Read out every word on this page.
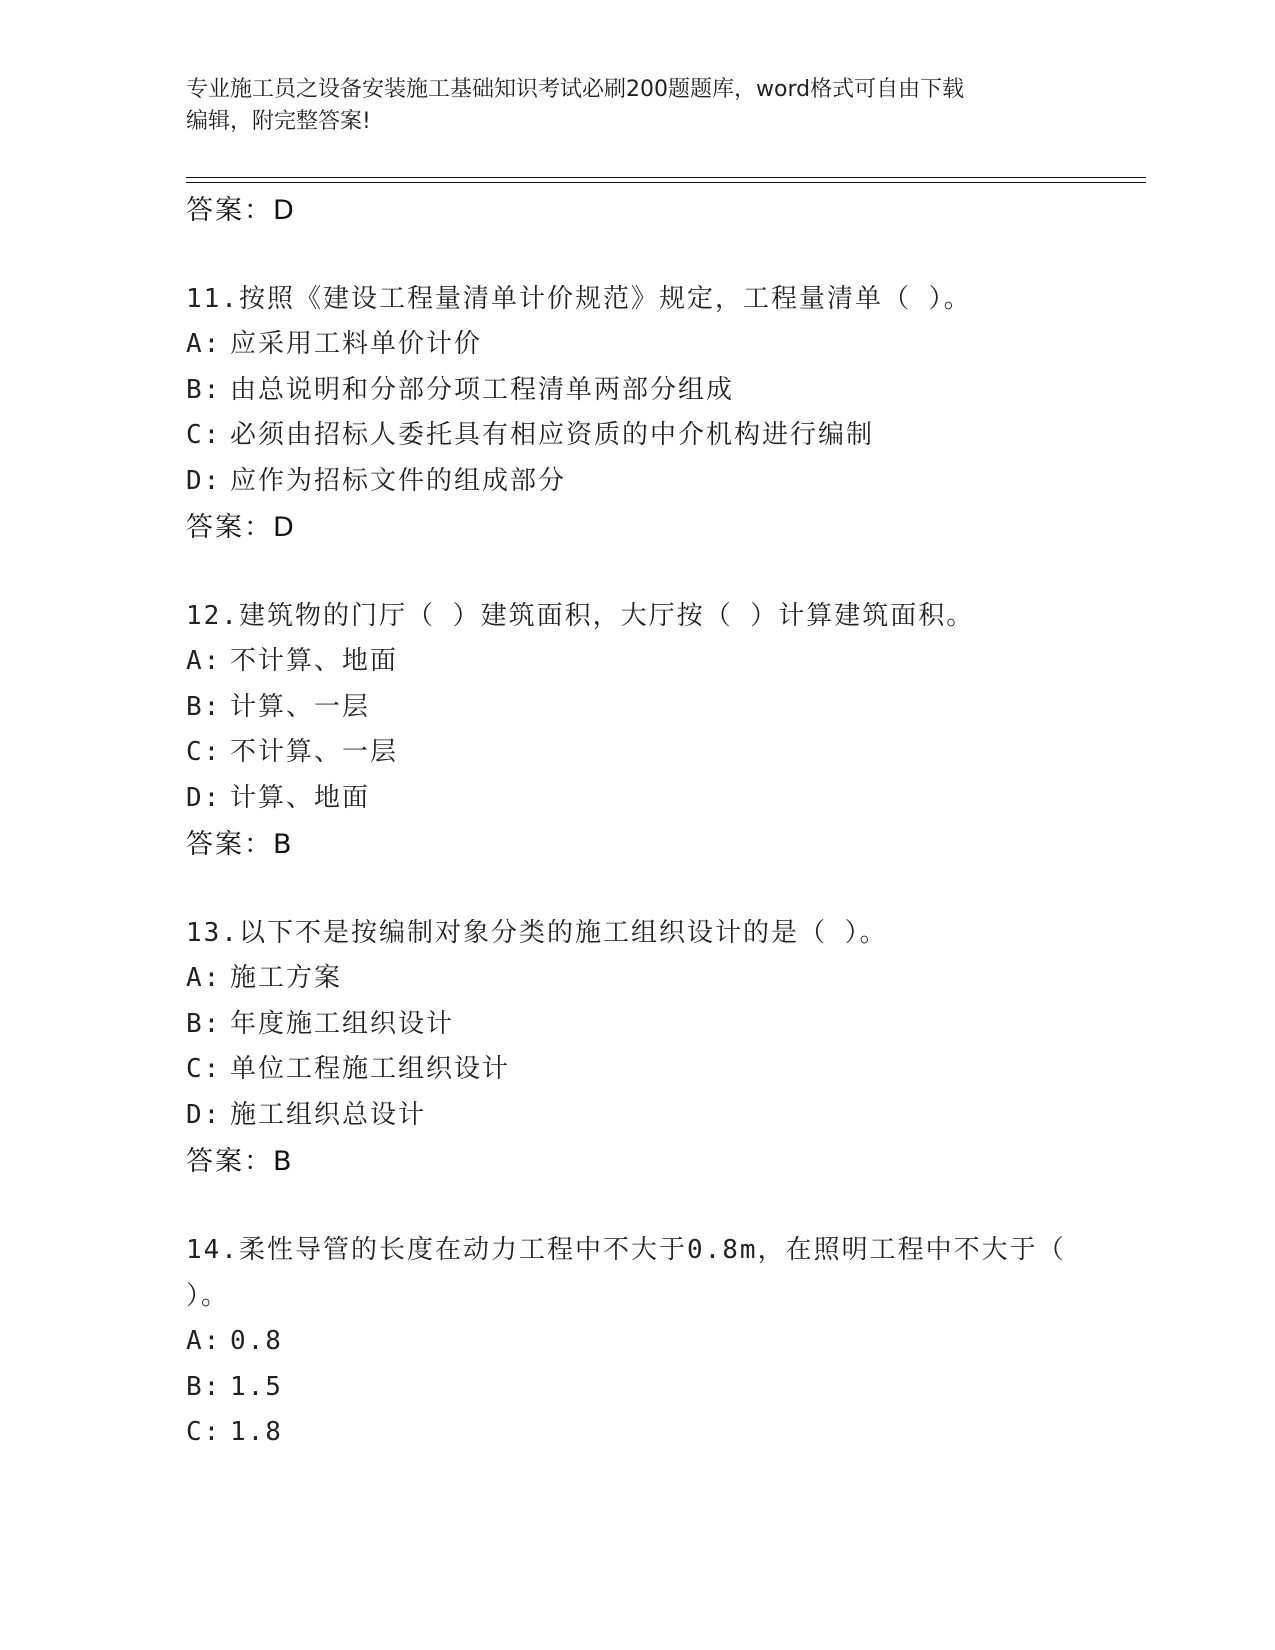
专业施工员之设备安装施工基础知识考试必刷200题题库，word格式可自由下载
编辑，附完整答案!
答案：D
11.按照《建设工程量清单计价规范》规定，工程量清单（ ）。
A: 应采用工料单价计价
B: 由总说明和分部分项工程清单两部分组成
C: 必须由招标人委托具有相应资质的中介机构进行编制
D: 应作为招标文件的组成部分
答案：D
12.建筑物的门厅（ ）建筑面积，大厅按（ ）计算建筑面积。
A: 不计算、地面
B: 计算、一层
C: 不计算、一层
D: 计算、地面
答案：B
13.以下不是按编制对象分类的施工组织设计的是（ ）。
A: 施工方案
B: 年度施工组织设计
C: 单位工程施工组织设计
D: 施工组织总设计
答案：B
14.柔性导管的长度在动力工程中不大于0.8m，在照明工程中不大于（ ）。
A: 0.8
B: 1.5
C: 1.8
